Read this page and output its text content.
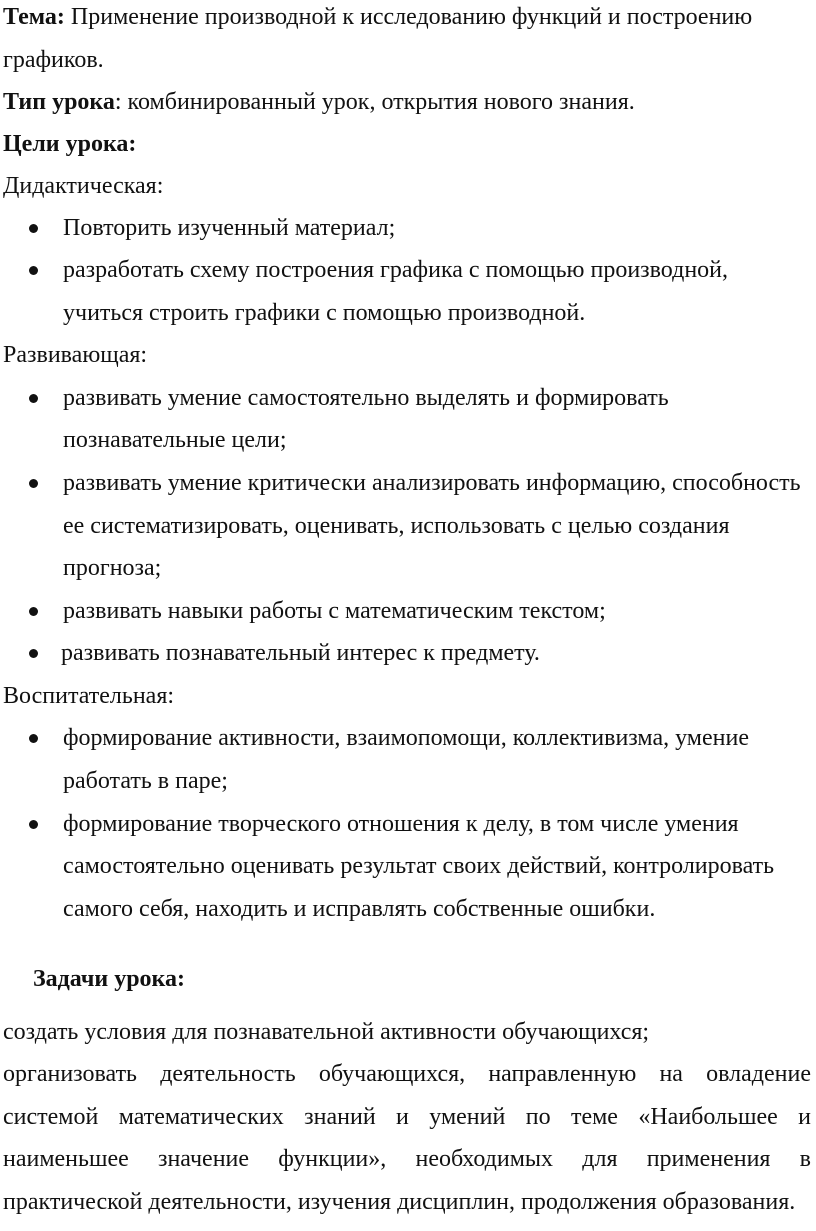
Тема: Применение производной к исследованию функций и построению
графиков.
Тип урока: комбинированный урок, открытия нового знания.
Цели урока:
Дидактическая:
Повторить изученный материал;
разработать схему построения графика с помощью производной,
учиться строить графики с помощью производной.
Развивающая:
развивать умение самостоятельно выделять и формировать
познавательные цели;
развивать умение критически анализировать информацию, способность
ее систематизировать, оценивать, использовать с целью создания
прогноза;
развивать навыки работы с математическим текстом;
развивать познавательный интерес к предмету.
Воспитательная:
формирование активности, взаимопомощи, коллективизма, умение
работать в паре;
формирование творческого отношения к делу, в том числе умения
самостоятельно оценивать результат своих действий, контролировать
самого себя, находить и исправлять собственные ошибки.
Задачи урока:
создать условия для познавательной активности обучающихся;
организовать деятельность обучающихся, направленную на овладение
системой математических знаний и умений по теме «Наибольшее и
наименьшее значение функции», необходимых для применения в
практической деятельности, изучения дисциплин, продолжения образования.
